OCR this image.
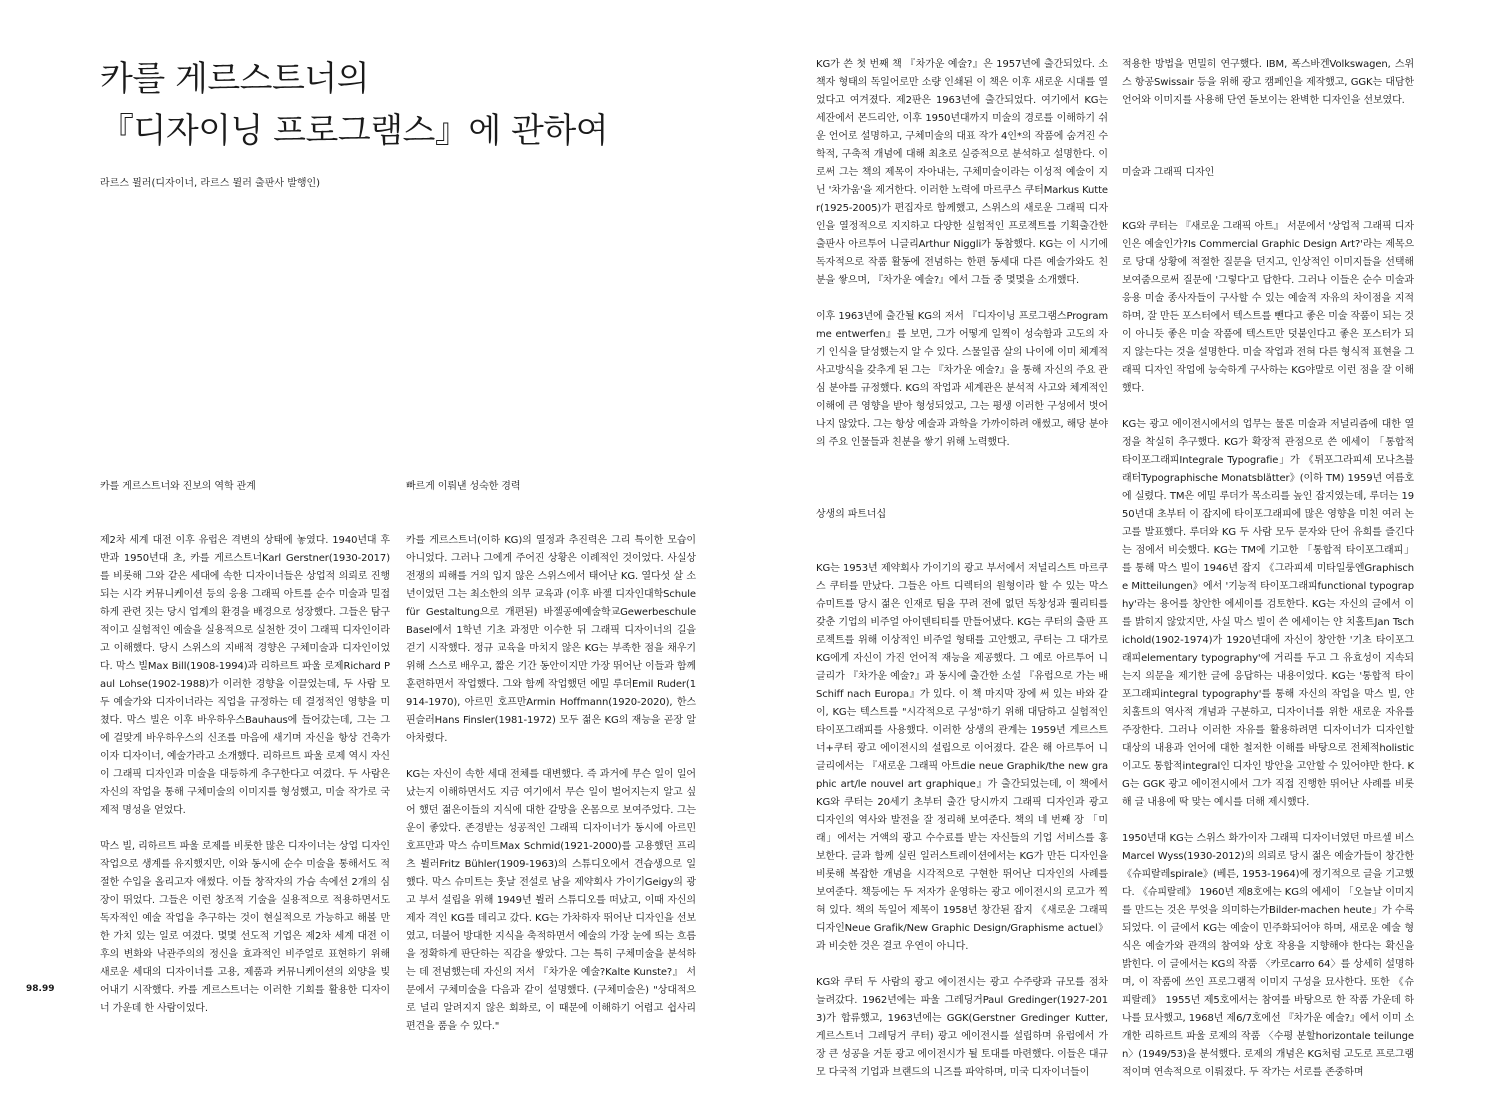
카를 게르스트너의
『디자이닝 프로그램스』에 관하여
라르스 뮐러(디자이너, 라르스 뮐러 출판사 발행인)
카를 게르스트너와 진보의 역학 관계

제2차 세계 대전 이후 유럽은 격변의 상태에 놓였다. 1940년대 후반과 1950년대 초, 카를 게르스트너Karl Gerstner(1930-2017)를 비롯해 그와 같은 세대에 속한 디자이너들은 상업적 의뢰로 진행되는 시각 커뮤니케이션 등의 응용 그래픽 아트를 순수 미술과 밀접하게 관련 짓는 당시 업계의 환경을 배경으로 성장했다. 그들은 탐구적이고 실험적인 예술을 실용적으로 실천한 것이 그래픽 디자인이라고 이해했다. 당시 스위스의 지배적 경향은 구체미술과 디자인이었다. 막스 빌Max Bill(1908-1994)과 리하르트 파울 로제Richard Paul Lohse(1902-1988)가 이러한 경향을 이끌었는데, 두 사람 모두 예술가와 디자이너라는 직업을 규정하는 데 결정적인 영향을 미쳤다. 막스 빌은 이후 바우하우스Bauhaus에 들어갔는데, 그는 그에 걸맞게 바우하우스의 신조를 마음에 새기며 자신을 항상 건축가이자 디자이너, 예술가라고 소개했다. 리하르트 파울 로제 역시 자신이 그래픽 디자인과 미술을 대등하게 추구한다고 여겼다. 두 사람은 자신의 작업을 통해 구체미술의 이미지를 형성했고, 미술 작가로 국제적 명성을 얻었다.

막스 빌, 리하르트 파울 로제를 비롯한 많은 디자이너는 상업 디자인 작업으로 생계를 유지했지만, 이와 동시에 순수 미술을 통해서도 적절한 수입을 올리고자 애썼다. 이들 창작자의 가슴 속에선 2개의 심장이 뛰었다. 그들은 이런 창조적 기술을 실용적으로 적용하면서도 독자적인 예술 작업을 추구하는 것이 현실적으로 가능하고 해볼 만한 가치 있는 일로 여겼다. 몇몇 선도적 기업은 제2차 세계 대전 이후의 변화와 낙관주의의 정신을 효과적인 비주얼로 표현하기 위해 새로운 세대의 디자이너를 고용, 제품과 커뮤니케이션의 외양을 빚어내기 시작했다. 카를 게르스트너는 이러한 기회를 활용한 디자이너 가운데 한 사람이었다.

빠르게 이뤄낸 성숙한 경력

카를 게르스트너(이하 KG)의 열정과 추진력은 그리 특이한 모습이 아니었다. 그러나 그에게 주어진 상황은 이례적인 것이었다. 사실상 전쟁의 피해를 거의 입지 않은 스위스에서 태어난 KG. 열다섯 살 소년이었던 그는 최소한의 의무 교육과 (이후 바젤 디자인대학Schule für Gestaltung으로 개편된) 바젤공예예술학교Gewerbeschule Basel에서 1학년 기초 과정만 이수한 뒤 그래픽 디자이너의 길을 걷기 시작했다. 정규 교육을 마치지 않은 KG는 부족한 점을 채우기 위해 스스로 배우고, 짧은 기간 동안이지만 가장 뛰어난 이들과 함께 훈련하면서 작업했다. 그와 함께 작업했던 에밀 루더Emil Ruder(1914-1970), 아르민 호프만Armin Hoffmann(1920-2020), 한스 핀슬러Hans Finsler(1981-1972) 모두 젊은 KG의 재능을 곧장 알아차렸다.

KG는 자신이 속한 세대 전체를 대변했다. 즉 과거에 무슨 일이 일어났는지 이해하면서도 지금 여기에서 무슨 일이 벌어지는지 알고 싶어 했던 젊은이들의 지식에 대한 갈망을 온몸으로 보여주었다. 그는 운이 좋았다. 존경받는 성공적인 그래픽 디자이너가 동시에 아르민 호프만과 막스 슈미트Max Schmid(1921-2000)를 고용했던 프리츠 뷜러Fritz Bühler(1909-1963)의 스튜디오에서 견습생으로 일했다. 막스 슈미트는 훗날 전설로 남을 제약회사 가이기Geigy의 광고 부서 설립을 위해 1949년 뷜러 스튜디오를 떠났고, 이때 자신의 제자 격인 KG를 데리고 갔다. KG는 가차하자 뛰어난 디자인을 선보였고, 더불어 방대한 지식을 축적하면서 예술의 가장 눈에 띄는 흐름을 정확하게 판단하는 직감을 쌓았다. 그는 특히 구체미술을 분석하는 데 전념했는데 자신의 저서 『차가운 예술?Kalte Kunste?』 서문에서 구체미술을 다음과 같이 설명했다. (구체미술은) "상대적으로 널리 알려지지 않은 회화로, 이 때문에 이해하기 어렵고 쉽사리 편견을 품을 수 있다."

KG가 쓴 첫 번째 책 『차가운 예술?』은 1957년에 출간되었다. 소책자 형태의 독일어로만 소량 인쇄된 이 책은 이후 새로운 시대를 열었다고 여겨졌다. 제2판은 1963년에 출간되었다. 여기에서 KG는 세잔에서 몬드리안, 이후 1950년대까지 미술의 경로를 이해하기 쉬운 언어로 설명하고, 구체미술의 대표 작가 4인*의 작품에 숨겨진 수학적, 구축적 개념에 대해 최초로 실증적으로 분석하고 설명한다. 이로써 그는 책의 제목이 자아내는, 구체미술이라는 이성적 예술이 지닌 '차가움'을 제거한다. 이러한 노력에 마르쿠스 쿠터Markus Kutter(1925-2005)가 편집자로 함께했고, 스위스의 새로운 그래픽 디자인을 열정적으로 지지하고 다양한 실험적인 프로젝트를 기획출간한 출판사 아르투어 니글리Arthur Niggli가 동참했다. KG는 이 시기에 독자적으로 작품 활동에 전념하는 한편 동세대 다른 예술가와도 친분을 쌓으며, 『차가운 예술?』에서 그들 중 몇몇을 소개했다.

이후 1963년에 출간될 KG의 저서 『디자이닝 프로그램스Programme entwerfen』를 보면, 그가 어떻게 일찍이 성숙함과 고도의 자기 인식을 달성했는지 알 수 있다. 스물일곱 살의 나이에 이미 체계적 사고방식을 갖추게 된 그는 『차가운 예술?』을 통해 자신의 주요 관심 분야를 규정했다. KG의 작업과 세계관은 분석적 사고와 체계적인 이해에 큰 영향을 받아 형성되었고, 그는 평생 이러한 구성에서 벗어나지 않았다. 그는 항상 예술과 과학을 가까이하려 애썼고, 해당 분야의 주요 인물들과 친분을 쌓기 위해 노력했다.

상생의 파트너십

KG는 1953년 제약회사 가이기의 광고 부서에서 저널리스트 마르쿠스 쿠터를 만났다. 그들은 아트 디렉터의 원형이라 할 수 있는 막스 슈미트를 당시 젊은 인재로 팀을 꾸려 전에 없던 독창성과 퀄리티를 갖춘 기업의 비주얼 아이덴티티를 만들어냈다. KG는 쿠터의 출판 프로젝트를 위해 이상적인 비주얼 형태를 고안했고, 쿠터는 그 대가로 KG에게 자신이 가진 언어적 재능을 제공했다. 그 예로 아르투어 니글리가 『차가운 예술?』과 동시에 출간한 소설 『유럽으로 가는 배Schiff nach Europa』가 있다. 이 책 마지막 장에 써 있는 바와 같이, KG는 텍스트를 "시각적으로 구성"하기 위해 대담하고 실험적인 타이포그래피를 사용했다. 이러한 상생의 관계는 1959년 게르스트너+쿠터 광고 에이전시의 설립으로 이어졌다. 같은 해 아르투어 니글리에서는 『새로운 그래픽 아트die neue Graphik/the new graphic art/le nouvel art graphique』가 출간되었는데, 이 책에서 KG와 쿠터는 20세기 초부터 출간 당시까지 그래픽 디자인과 광고 디자인의 역사와 발전을 잘 정리해 보여준다. 책의 네 번째 장 「미래」에서는 거액의 광고 수수료를 받는 자신들의 기업 서비스를 홍보한다. 글과 함께 실린 일러스트레이션에서는 KG가 만든 디자인을 비롯해 복잡한 개념을 시각적으로 구현한 뛰어난 디자인의 사례를 보여준다. 책등에는 두 저자가 운영하는 광고 에이전시의 로고가 찍혀 있다. 책의 독일어 제목이 1958년 창간된 잡지 《새로운 그래픽 디자인Neue Grafik/New Graphic Design/Graphisme actuel》과 비슷한 것은 결코 우연이 아니다.

KG와 쿠터 두 사람의 광고 에이전시는 광고 수주량과 규모를 점차 늘려갔다. 1962년에는 파울 그레딩거Paul Gredinger(1927-2013)가 합류했고, 1963년에는 GGK(Gerstner Gredinger Kutter, 게르스트너 그레딩거 쿠터) 광고 에이전시를 설립하며 유럽에서 가장 큰 성공을 거둔 광고 에이전시가 될 토대를 마련했다. 이들은 대규모 다국적 기업과 브랜드의 니즈를 파악하며, 미국 디자이너들이

적용한 방법을 면밀히 연구했다. IBM, 폭스바겐Volkswagen, 스위스 항공Swissair 등을 위해 광고 캠페인을 제작했고, GGK는 대담한 언어와 이미지를 사용해 단연 돋보이는 완벽한 디자인을 선보였다.

미술과 그래픽 디자인

KG와 쿠터는 『새로운 그래픽 아트』 서문에서 '상업적 그래픽 디자인은 예술인가?Is Commercial Graphic Design Art?'라는 제목으로 당대 상황에 적절한 질문을 던지고, 인상적인 이미지들을 선택해 보여줌으로써 질문에 '그렇다'고 답한다. 그러나 이들은 순수 미술과 응용 미술 종사자들이 구사할 수 있는 예술적 자유의 차이점을 지적하며, 잘 만든 포스터에서 텍스트를 뺀다고 좋은 미술 작품이 되는 것이 아니듯 좋은 미술 작품에 텍스트만 덧붙인다고 좋은 포스터가 되지 않는다는 것을 설명한다. 미술 작업과 전혀 다른 형식적 표현을 그래픽 디자인 작업에 능숙하게 구사하는 KG야말로 이런 점을 잘 이해했다.

KG는 광고 에이전시에서의 업무는 물론 미술과 저널리즘에 대한 열정을 착실히 추구했다. KG가 확장적 관점으로 쓴 에세이 「통합적 타이포그래피Integrale Typografie」가 《튀포그라피셰 모나츠블래터Typographische Monatsblätter》(이하 TM) 1959년 여름호에 실렸다. TM은 에밀 루더가 목소리를 높인 잡지였는데, 루더는 1950년대 초부터 이 잡지에 타이포그래피에 많은 영향을 미친 여러 논고를 발표했다. 루더와 KG 두 사람 모두 문자와 단어 유희를 즐긴다는 점에서 비슷했다. KG는 TM에 기고한 「통합적 타이포그래피」를 통해 막스 빌이 1946년 잡지 《그라피셰 미타일룽엔Graphische Mitteilungen》에서 '기능적 타이포그래피functional typography'라는 용어를 창안한 에세이를 검토한다. KG는 자신의 글에서 이를 밝히지 않았지만, 사실 막스 빌이 쓴 에세이는 얀 치홀트Jan Tschichold(1902-1974)가 1920년대에 자신이 창안한 '기초 타이포그래피elementary typography'에 거리를 두고 그 유효성이 지속되는지 의문을 제기한 글에 응답하는 내용이었다. KG는 '통합적 타이포그래피integral typography'를 통해 자신의 작업을 막스 빌, 얀 치홀트의 역사적 개념과 구분하고, 디자이너를 위한 새로운 자유를 주장한다. 그러나 이러한 자유를 활용하려면 디자이너가 디자인할 대상의 내용과 언어에 대한 철저한 이해를 바탕으로 전체적holistic이고도 통합적integral인 디자인 방안을 고안할 수 있어야만 한다. KG는 GGK 광고 에이전시에서 그가 직접 진행한 뛰어난 사례를 비롯해 글 내용에 딱 맞는 예시를 더해 제시했다.

1950년대 KG는 스위스 화가이자 그래픽 디자이너였던 마르셀 비스Marcel Wyss(1930-2012)의 의뢰로 당시 젊은 예술가들이 창간한 《슈피랄레spirale》(베른, 1953-1964)에 정기적으로 글을 기고했다. 《슈피랄레》 1960년 제8호에는 KG의 에세이 「오늘날 이미지를 만드는 것은 무엇을 의미하는가Bilder-machen heute」가 수록되었다. 이 글에서 KG는 예술이 민주화되어야 하며, 새로운 예술 형식은 예술가와 관객의 참여와 상호 작용을 지향해야 한다는 확신을 밝힌다. 이 글에서는 KG의 작품 〈카로carro 64〉를 상세히 설명하며, 이 작품에 쓰인 프로그램적 이미지 구성을 묘사한다. 또한 《슈피랄레》 1955년 제5호에서는 참여를 바탕으로 한 작품 가운데 하나를 묘사했고, 1968년 제6/7호에선 『차가운 예술?』에서 이미 소개한 리하르트 파울 로제의 작품 〈수평 분할horizontale teilungen〉(1949/53)을 분석했다. 로제의 개념은 KG처럼 고도로 프로그램적이며 연속적으로 이뤄졌다. 두 작가는 서로를 존중하며

98.99
